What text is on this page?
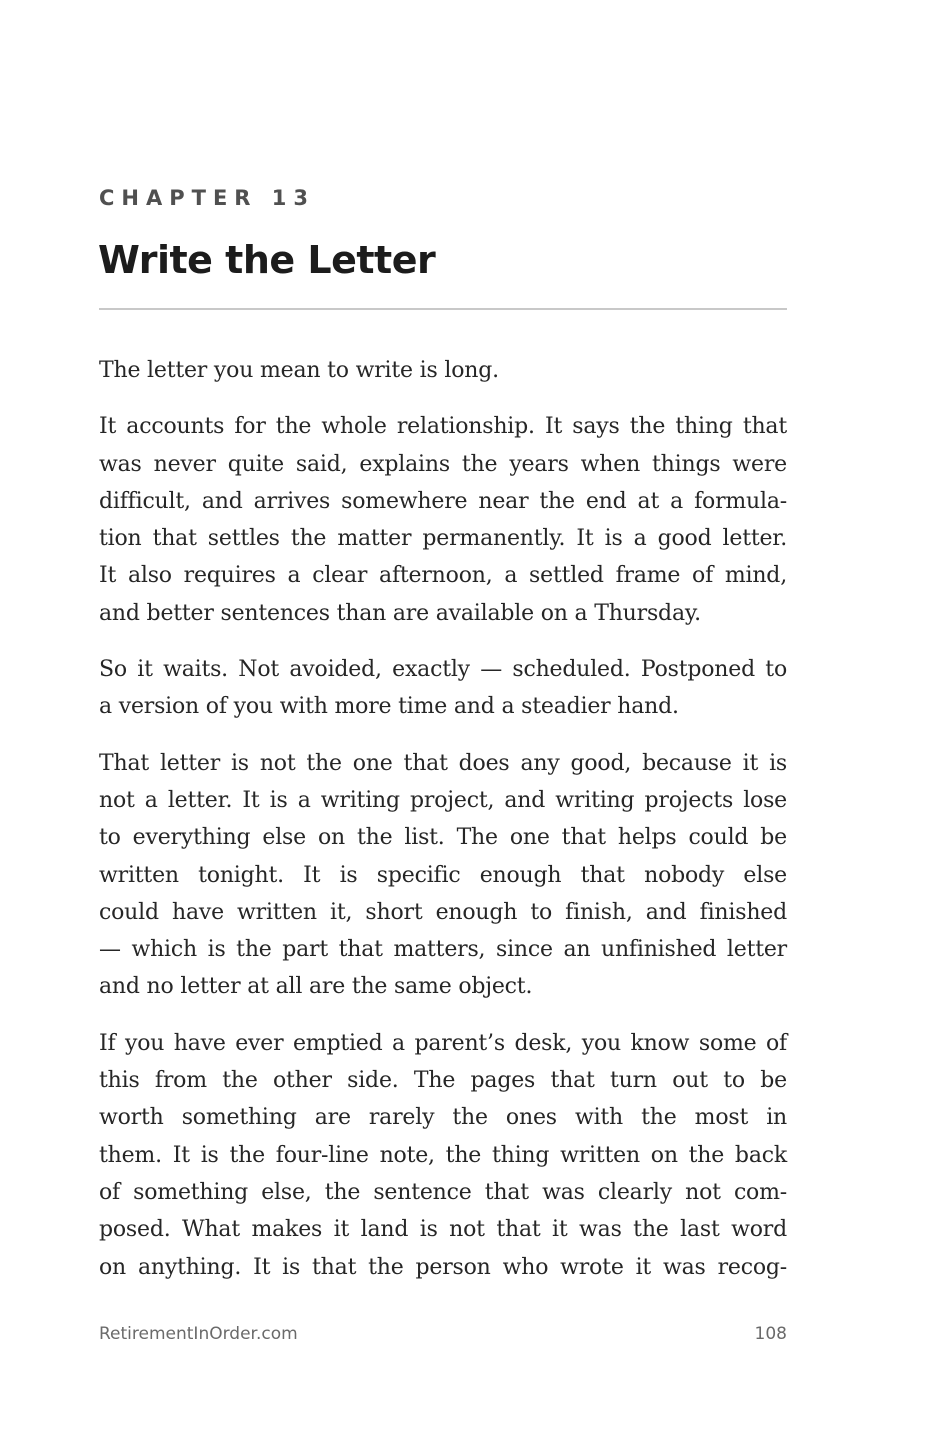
CHAPTER 13
Write the Letter

The letter you mean to write is long.

It accounts for the whole relationship. It says the thing that
was never quite said, explains the years when things were
difficult, and arrives somewhere near the end at a formula-
tion that settles the matter permanently. It is a good letter.
It also requires a clear afternoon, a settled frame of mind,
and better sentences than are available on a Thursday.

So it waits. Not avoided, exactly — scheduled. Postponed to
a version of you with more time and a steadier hand.

That letter is not the one that does any good, because it is
not a letter. It is a writing project, and writing projects lose
to everything else on the list. The one that helps could be
written tonight. It is specific enough that nobody else
could have written it, short enough to finish, and finished
— which is the part that matters, since an unfinished letter
and no letter at all are the same object.

If you have ever emptied a parent’s desk, you know some of
this from the other side. The pages that turn out to be
worth something are rarely the ones with the most in
them. It is the four-line note, the thing written on the back
of something else, the sentence that was clearly not com-
posed. What makes it land is not that it was the last word
on anything. It is that the person who wrote it was recog-

RetirementInOrder.com	108
